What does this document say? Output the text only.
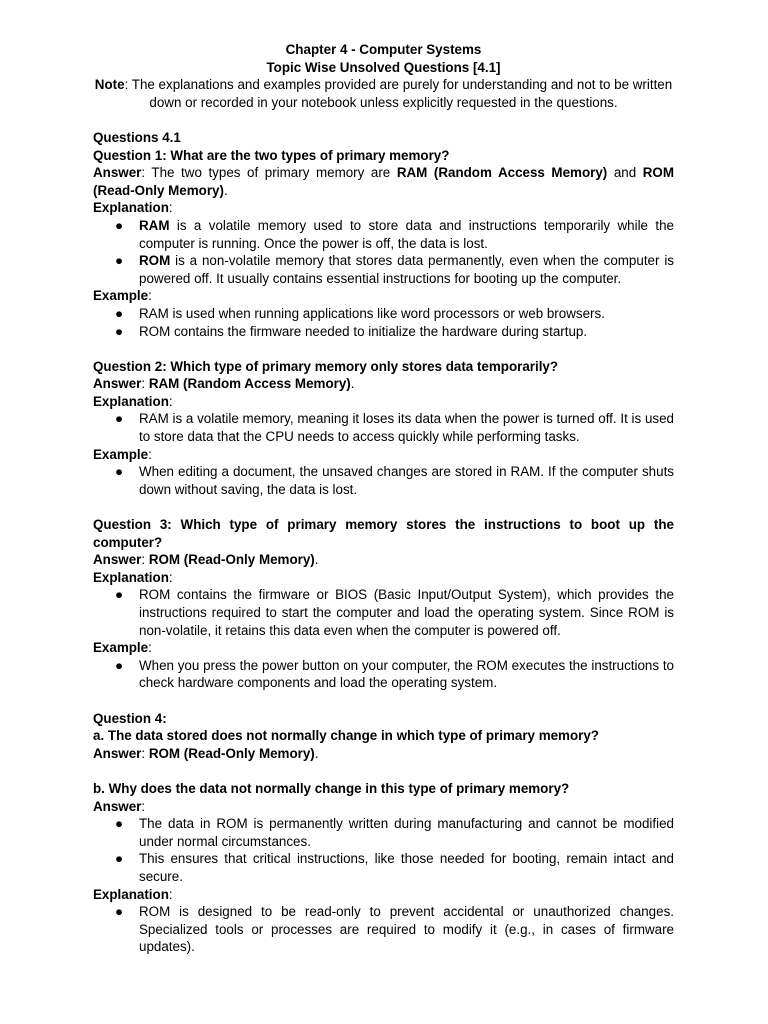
Chapter 4 - Computer Systems

Topic Wise Unsolved Questions [4.1]

Note: The explanations and examples provided are purely for understanding and not to be written down or recorded in your notebook unless explicitly requested in the questions.

Questions 4.1

Question 1: What are the two types of primary memory?

Answer: The two types of primary memory are RAM (Random Access Memory) and ROM (Read-Only Memory).

Explanation:

● RAM is a volatile memory used to store data and instructions temporarily while the computer is running. Once the power is off, the data is lost.
● ROM is a non-volatile memory that stores data permanently, even when the computer is powered off. It usually contains essential instructions for booting up the computer.

Example:

● RAM is used when running applications like word processors or web browsers.
● ROM contains the firmware needed to initialize the hardware during startup.

Question 2: Which type of primary memory only stores data temporarily?

Answer: RAM (Random Access Memory).

Explanation:

● RAM is a volatile memory, meaning it loses its data when the power is turned off. It is used to store data that the CPU needs to access quickly while performing tasks.

Example:

● When editing a document, the unsaved changes are stored in RAM. If the computer shuts down without saving, the data is lost.

Question 3: Which type of primary memory stores the instructions to boot up the computer?

Answer: ROM (Read-Only Memory).

Explanation:

● ROM contains the firmware or BIOS (Basic Input/Output System), which provides the instructions required to start the computer and load the operating system. Since ROM is non-volatile, it retains this data even when the computer is powered off.

Example:

● When you press the power button on your computer, the ROM executes the instructions to check hardware components and load the operating system.

Question 4:

a. The data stored does not normally change in which type of primary memory?

Answer: ROM (Read-Only Memory).

b. Why does the data not normally change in this type of primary memory?

Answer:

● The data in ROM is permanently written during manufacturing and cannot be modified under normal circumstances.
● This ensures that critical instructions, like those needed for booting, remain intact and secure.

Explanation:

● ROM is designed to be read-only to prevent accidental or unauthorized changes. Specialized tools or processes are required to modify it (e.g., in cases of firmware updates).
